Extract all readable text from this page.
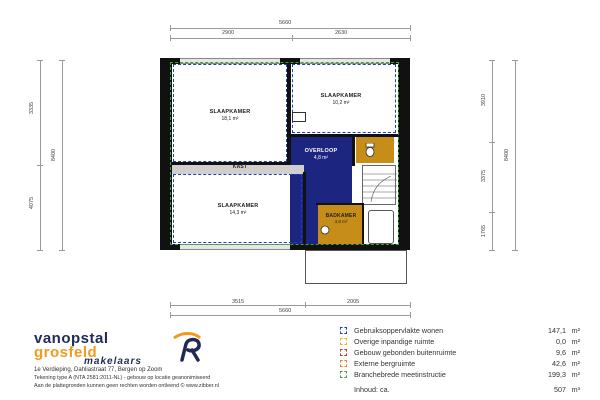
5660
2900	2630
3515	2005
5660
3335
4075
8400
3910
3375
1765
8400
SLAAPKAMER
18,1 m²
SLAAPKAMER
10,2 m²
OVERLOOP
4,8 m²
KAST
SLAAPKAMER
14,3 m²	BADKAMER
3,8 m²
vanopstal
grosfeld
makelaars
1e Verdieping, Dahliastraat 77, Bergen op Zoom
Tekening type A (NTA 2581:2011-NL) - gebouw op locatie geanonimiseerd
Aan de plattegronden kunnen geen rechten worden ontleend © www.zibber.nl
Gebruiksoppervlakte wonen	147,1 m²
Overige inpandige ruimte	0,0 m²
Gebouw gebonden buitenruimte	9,6 m²
Externe bergruimte	42,6 m²
Branchebrede meetinstructie	199,3 m²
Inhoud: ca.	507 m³
